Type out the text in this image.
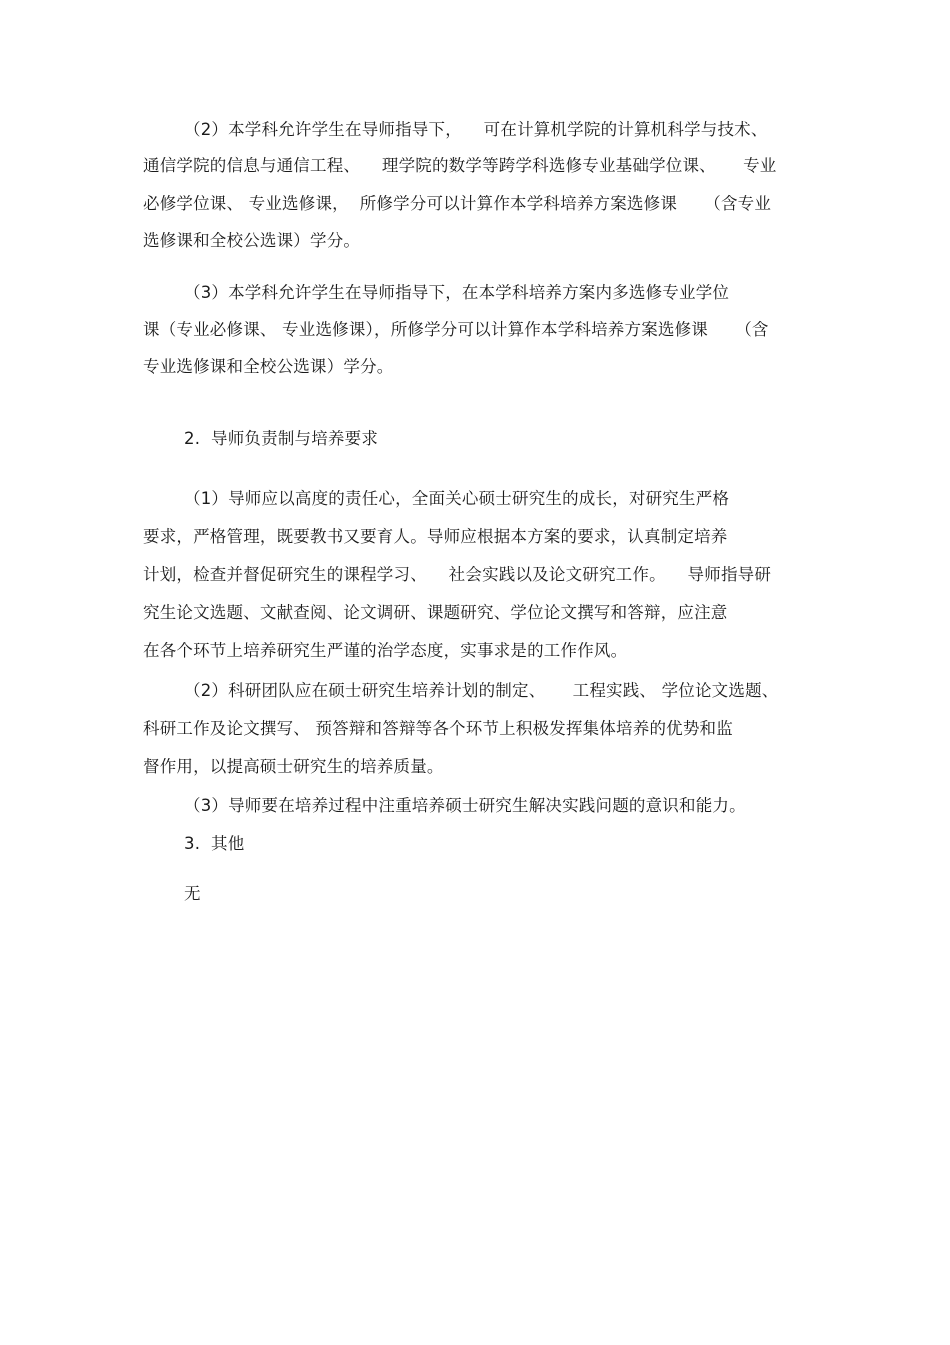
（2）本学科允许学生在导师指导下，    可在计算机学院的计算机科学与技术、
通信学院的信息与通信工程、    理学院的数学等跨学科选修专业基础学位课、     专业
必修学位课、 专业选修课，  所修学分可以计算作本学科培养方案选修课     （含专业
选修课和全校公选课）学分。
（3）本学科允许学生在导师指导下，在本学科培养方案内多选修专业学位
课（专业必修课、 专业选修课），所修学分可以计算作本学科培养方案选修课     （含
专业选修课和全校公选课）学分。
2.  导师负责制与培养要求
（1）导师应以高度的责任心，全面关心硕士研究生的成长，对研究生严格
要求，严格管理，既要教书又要育人。导师应根据本方案的要求，认真制定培养
计划，检查并督促研究生的课程学习、    社会实践以及论文研究工作。    导师指导研
究生论文选题、文献查阅、论文调研、课题研究、学位论文撰写和答辩，应注意
在各个环节上培养研究生严谨的治学态度，实事求是的工作作风。
（2）科研团队应在硕士研究生培养计划的制定、     工程实践、 学位论文选题、
科研工作及论文撰写、 预答辩和答辩等各个环节上积极发挥集体培养的优势和监
督作用，以提高硕士研究生的培养质量。
（3）导师要在培养过程中注重培养硕士研究生解决实践问题的意识和能力。
3.  其他
无
